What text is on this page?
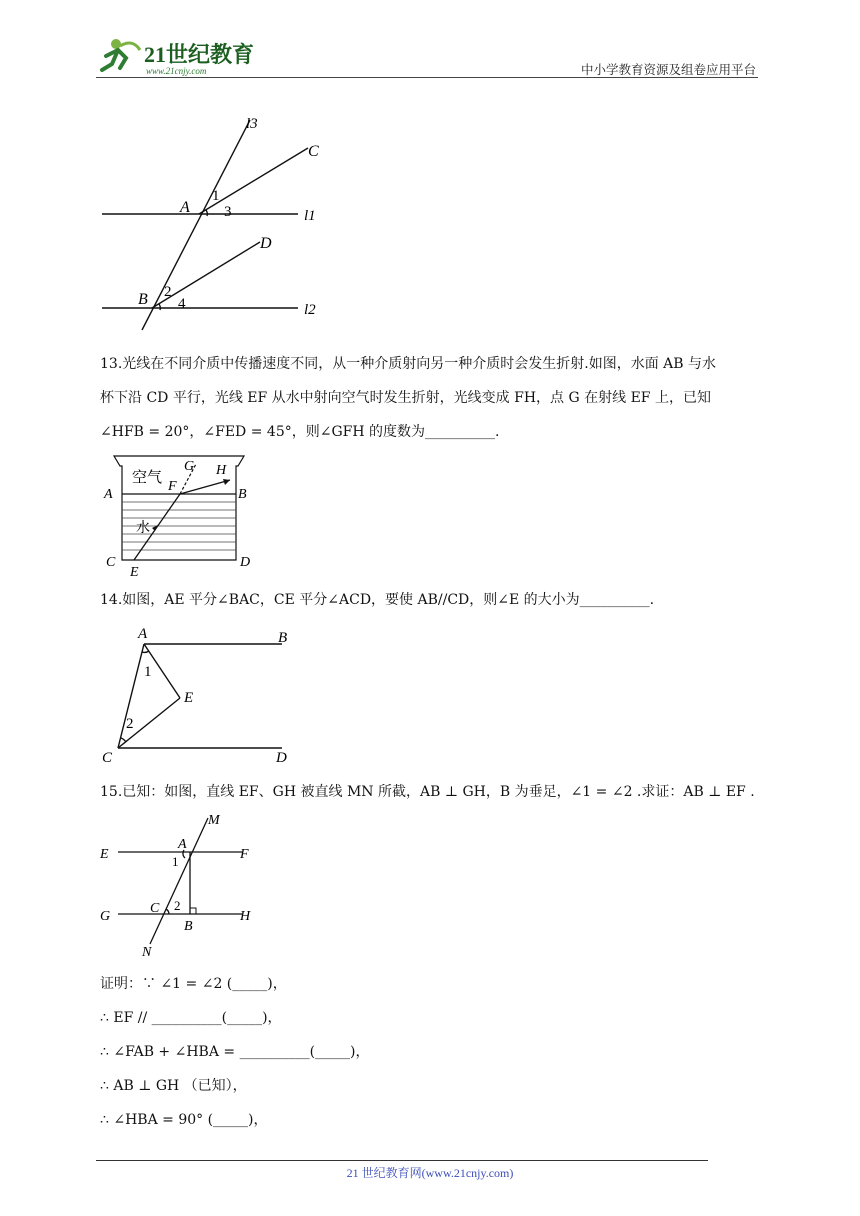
21世纪教育
www.21cnjy.com	中小学教育资源及组卷应用平台
l3
C
1
A 3	l1
D
2
B 4	l2
13.光线在不同介质中传播速度不同，从一种介质射向另一种介质时会发生折射.如图，水面 AB 与水
杯下沿 CD 平行，光线 EF 从水中射向空气时发生折射，光线变成 FH，点 G 在射线 EF 上，已知
∠HFB = 20°，∠FED = 45°，则∠GFH 的度数为__________.
空气
水
G H
F
A	B
C	D
E
14.如图，AE 平分∠BAC，CE 平分∠ACD，要使 AB//CD，则∠E 的大小为__________.
A	B
1
E
2
C	D
15.已知：如图，直线 EF、GH 被直线 MN 所截，AB ⊥ GH，B 为垂足，∠1 = ∠2 .求证：AB ⊥ EF .
M
A
E	1	F
G
C 2
H
B
N
证明：∵ ∠1 = ∠2 (_____)，
∴ EF // __________(_____)，
∴ ∠FAB + ∠HBA = __________(_____)，
∴ AB ⊥ GH （已知），
∴ ∠HBA = 90° (_____)，
21 世纪教育网(www.21cnjy.com)
